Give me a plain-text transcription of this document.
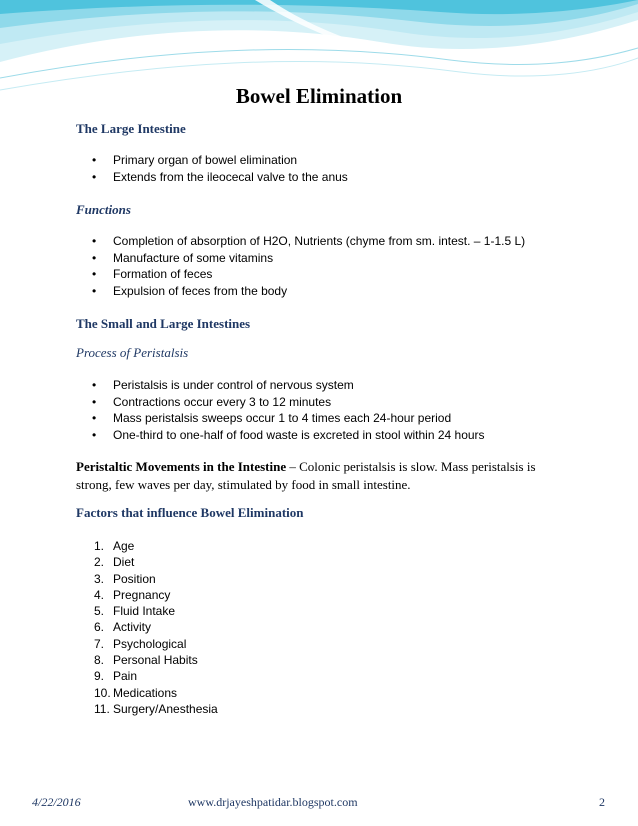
Bowel Elimination
The Large Intestine
• Primary organ of bowel elimination
• Extends from the ileocecal valve to the anus
Functions
• Completion of absorption of H2O, Nutrients (chyme from sm. intest. – 1-1.5 L)
• Manufacture of some vitamins
• Formation of feces
• Expulsion of feces from the body
The Small and Large Intestines
Process of Peristalsis
• Peristalsis is under control of nervous system
• Contractions occur every 3 to 12 minutes
• Mass peristalsis sweeps occur 1 to 4 times each 24-hour period
• One-third to one-half of food waste is excreted in stool within 24 hours
Peristaltic Movements in the Intestine – Colonic peristalsis is slow. Mass peristalsis is strong, few waves per day, stimulated by food in small intestine.
Factors that influence Bowel Elimination
1. Age
2. Diet
3. Position
4. Pregnancy
5. Fluid Intake
6. Activity
7. Psychological
8. Personal Habits
9. Pain
10. Medications
11. Surgery/Anesthesia
4/22/2016	www.drjayeshpatidar.blogspot.com	2
